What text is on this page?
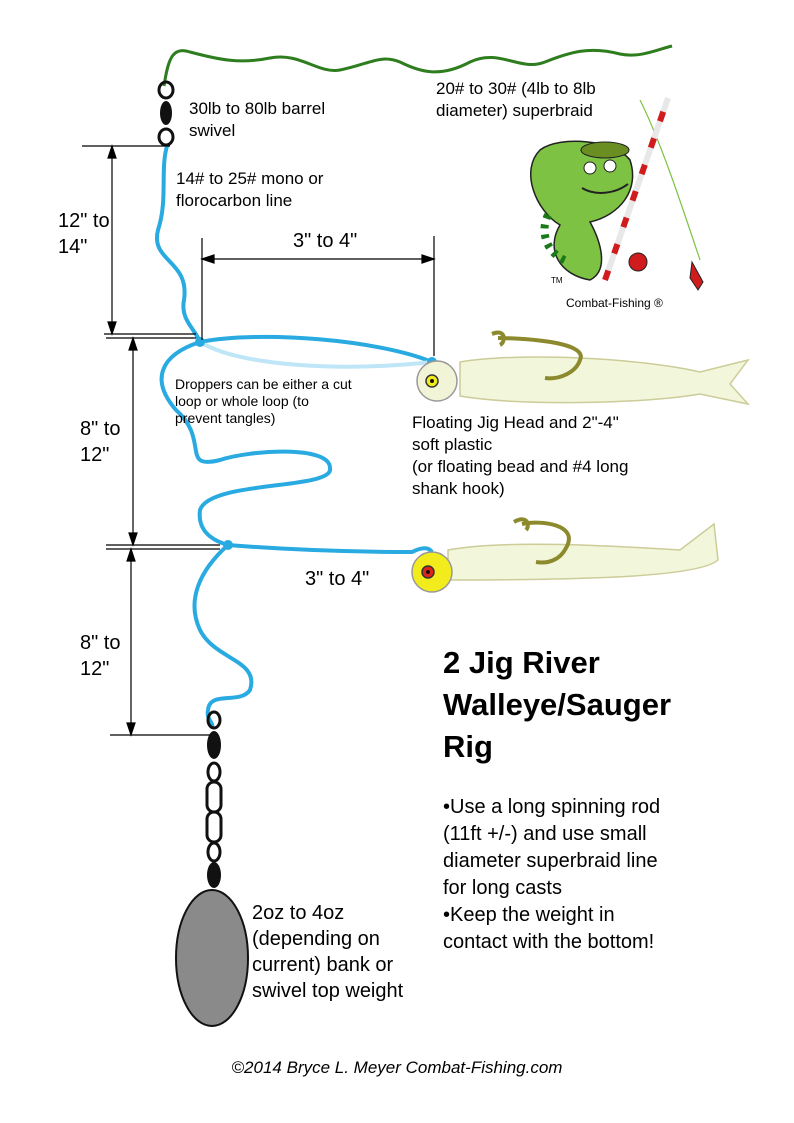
30lb to 80lb barrel
swivel
20# to 30# (4lb to 8lb
diameter) superbraid
14# to 25# mono or
florocarbon line
12" to
14"
8" to
12"
8" to
12"
3" to 4"
3" to 4"
Droppers can be either a cut
loop or whole loop (to
prevent tangles)	Floating Jig Head and 2"-4"
soft plastic
(or floating bead and #4 long
shank hook)
2oz to 4oz
(depending on
current) bank or
swivel top weight
2 Jig River
Walleye/Sauger
Rig
•Use a long spinning rod
(11ft +/-) and use small
diameter superbraid line
for long casts
•Keep the weight in
contact with the bottom!
©2014 Bryce L. Meyer Combat-Fishing.com
Combat-Fishing ®
TM
